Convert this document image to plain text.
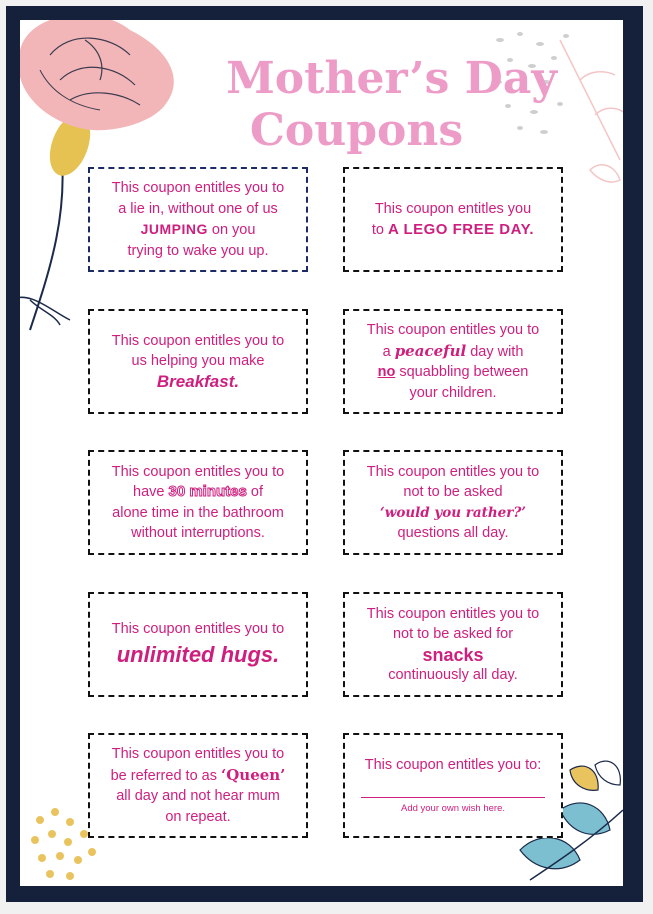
Mother’s Day
Coupons
This coupon entitles you to
a lie in, without one of us
JUMPING on you
trying to wake you up.
This coupon entitles you
to A LEGO FREE DAY.
This coupon entitles you to
us helping you make
Breakfast.
This coupon entitles you to
a peaceful day with
no squabbling between
your children.
This coupon entitles you to
have 30 minutes of
alone time in the bathroom
without interruptions.
This coupon entitles you to
not to be asked
‘would you rather?’
questions all day.
This coupon entitles you to
unlimited hugs.
This coupon entitles you to
not to be asked for
snacks
continuously all day.
This coupon entitles you to
be referred to as ‘Queen’
all day and not hear mum
on repeat.
This coupon entitles you to:
Add your own wish here.
